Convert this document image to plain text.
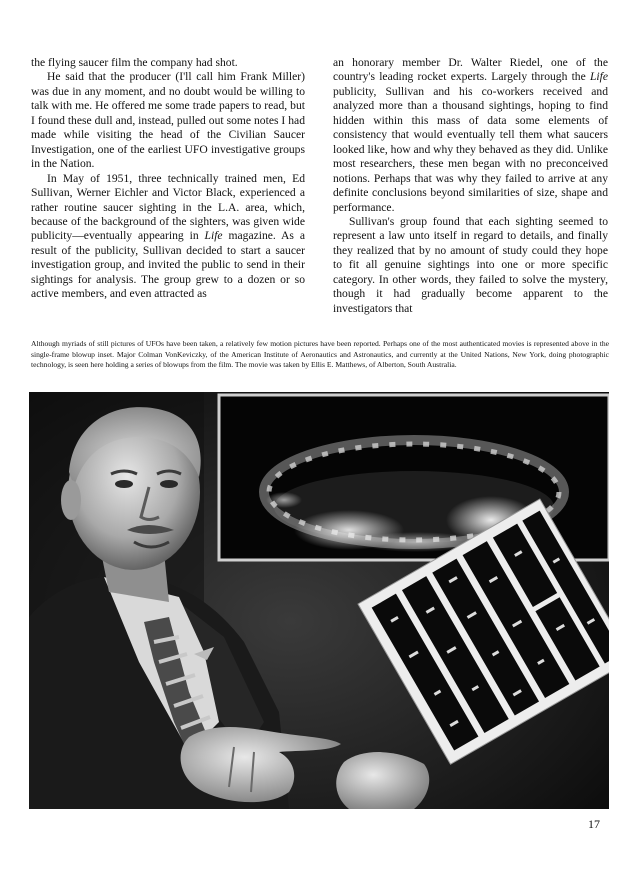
the flying saucer film the company had shot.

He said that the producer (I'll call him Frank Miller) was due in any moment, and no doubt would be willing to talk with me. He offered me some trade papers to read, but I found these dull and, instead, pulled out some notes I had made while visiting the head of the Civilian Saucer Investigation, one of the earliest UFO investigative groups in the Nation.

In May of 1951, three technically trained men, Ed Sullivan, Werner Eichler and Victor Black, experienced a rather routine saucer sighting in the L.A. area, which, because of the background of the sighters, was given wide publicity—eventually appearing in Life magazine. As a result of the publicity, Sullivan decided to start a saucer investigation group, and invited the public to send in their sightings for analysis. The group grew to a dozen or so active members, and even attracted as

an honorary member Dr. Walter Riedel, one of the country's leading rocket experts. Largely through the Life publicity, Sullivan and his co-workers received and analyzed more than a thousand sightings, hoping to find hidden within this mass of data some elements of consistency that would eventually tell them what saucers looked like, how and why they behaved as they did. Unlike most researchers, these men began with no preconceived notions. Perhaps that was why they failed to arrive at any definite conclusions beyond similarities of size, shape and performance.

Sullivan's group found that each sighting seemed to represent a law unto itself in regard to details, and finally they realized that by no amount of study could they hope to fit all genuine sightings into one or more specific category. In other words, they failed to solve the mystery, though it had gradually become apparent to the investigators that

Although myriads of still pictures of UFOs have been taken, a relatively few motion pictures have been reported. Perhaps one of the most authenticated movies is represented above in the single-frame blowup inset. Major Colman VonKeviczky, of the American Institute of Aeronautics and Astronautics, and currently at the United Nations, New York, doing photographic technology, is seen here holding a series of blowups from the film. The movie was taken by Ellis E. Matthews, of Alberton, South Australia.
17
